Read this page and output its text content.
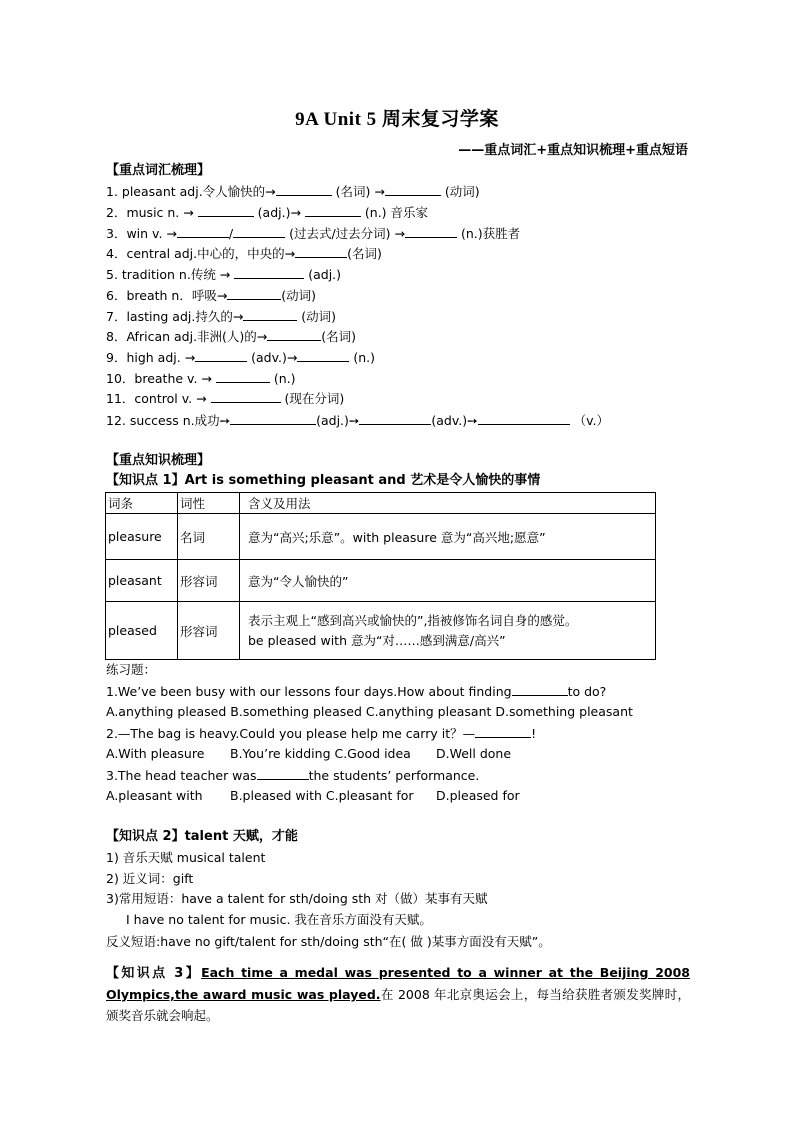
9A Unit 5 周末复习学案
——重点词汇+重点知识梳理+重点短语
【重点词汇梳理】
1. pleasant adj.令人愉快的→	(名词) →	(动词)
2．music n. →	(adj.)→	(n.) 音乐家
3．win v. →	/	(过去式/过去分词) →	(n.)获胜者
4．central adj.中心的，中央的→	(名词)
5. tradition n.传统 →	(adj.)
6．breath n．呼吸→	(动词)
7．lasting adj.持久的→	(动词)
8．African adj.非洲(人)的→	(名词)
9．high adj. →	(adv.)→	(n.)
10．breathe v. →	(n.)
11．control v. →	(现在分词)
12. success n.成功➙	(adj.)➙	(adv.)➙	（v.）
【重点知识梳理】
【知识点 1】Art is something pleasant and 艺术是令人愉快的事情
词条	词性	含义及用法
pleasure	名词	意为“高兴;乐意”。with pleasure 意为“高兴地;愿意”
pleasant	形容词	意为“令人愉快的”
pleased	形容词	表示主观上“感到高兴或愉快的”,指被修饰名词自身的感觉。
be pleased with 意为“对……感到满意/高兴”
练习题：
1.We’ve been busy with our lessons four days.How about finding	to do?
A.anything pleased B.something pleased C.anything pleasant D.something pleasant
2.—The bag is heavy.Could you please help me carry it？—	!
A.With pleasure B.You’re kidding C.Good idea D.Well done
3.The head teacher was	the students’ performance.
A.pleasant with B.pleased with C.pleasant for D.pleased for
【知识点 2】talent 天赋，才能
1) 音乐天赋 musical talent
2) 近义词：gift
3)常用短语：have a talent for sth/doing sth 对（做）某事有天赋
I have no talent for music. 我在音乐方面没有天赋。
反义短语:have no gift/talent for sth/doing sth“在( 做 )某事方面没有天赋”。
【知识点 3】Each time a medal was presented to a winner at the Beijing 2008 Olympics,the award music was played.在 2008 年北京奥运会上，每当给获胜者颁发奖牌时，颁奖音乐就会响起。
